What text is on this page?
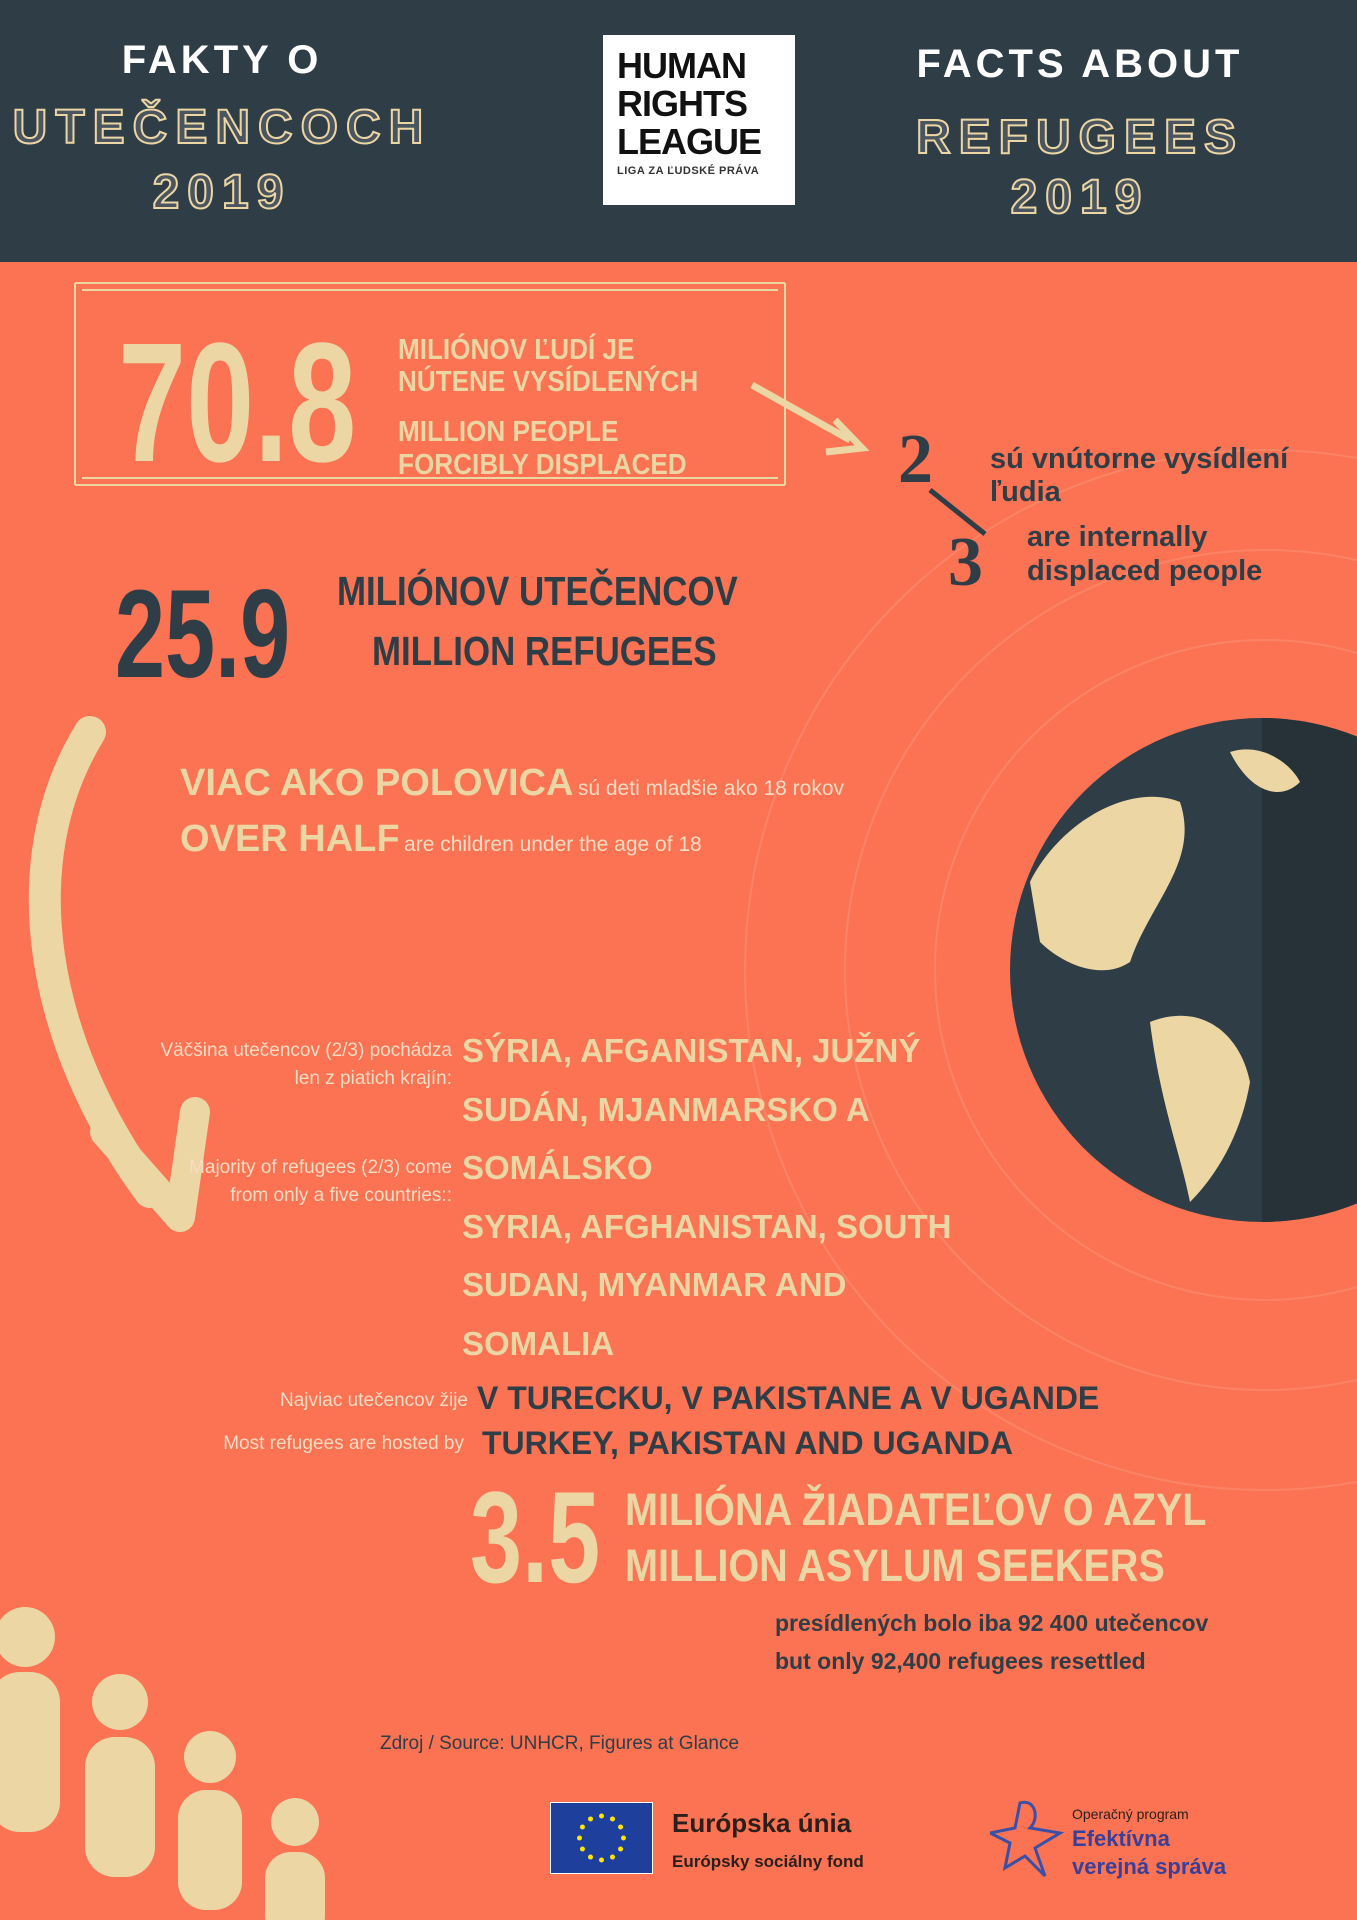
FAKTY O
UTEČENCOCH
2019
FACTS ABOUT
REFUGEES
2019
HUMAN
RIGHTS
LEAGUE
LIGA ZA ĽUDSKÉ PRÁVA
70.8 MILIÓNOV ĽUDÍ JE
NÚTENE VYSÍDLENÝCH
MILLION PEOPLE
FORCIBLY DISPLACED	2
3
sú vnútorne vysídlení
ľudia
are internally
displaced people
25.9 MILIÓNOV UTEČENCOV
MILLION REFUGEES
VIAC AKO POLOVICA sú deti mladšie ako 18 rokov
OVER HALF are children under the age of 18
Väčšina utečencov (2/3) pochádza
len z piatich krajín:
Majority of refugees (2/3) come
from only a five countries::
SÝRIA, AFGANISTAN, JUŽNÝ
SUDÁN, MJANMARSKO A
SOMÁLSKO
SYRIA, AFGHANISTAN, SOUTH
SUDAN, MYANMAR AND
SOMALIA
Najviac utečencov žije V TURECKU, V PAKISTANE A V UGANDE
Most refugees are hosted by TURKEY, PAKISTAN AND UGANDA
3.5 MILIÓNA ŽIADATEĽOV O AZYL
MILLION ASYLUM SEEKERS
presídlených bolo iba 92 400 utečencov
but only 92,400 refugees resettled
Zdroj / Source: UNHCR, Figures at Glance
Európska únia
Európsky sociálny fond
Operačný program
Efektívna
verejná správa
